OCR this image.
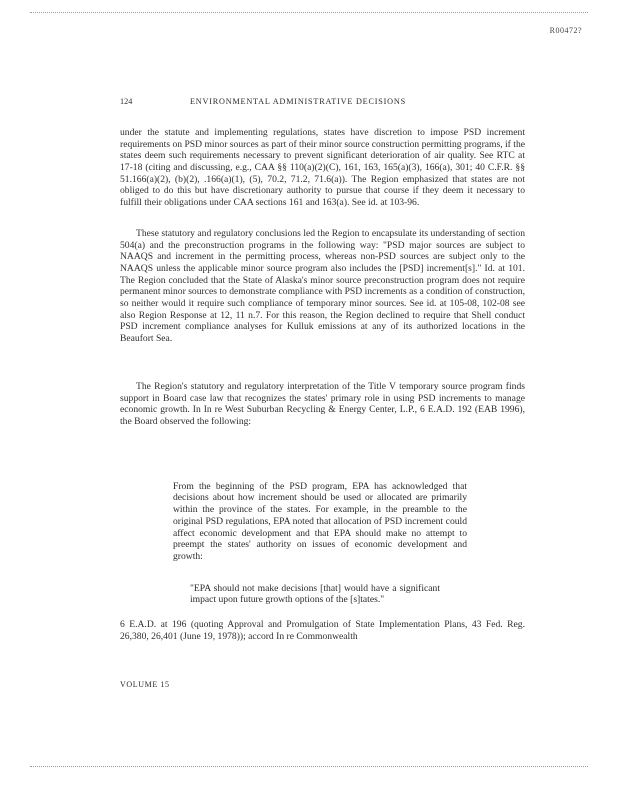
R00472?
124	ENVIRONMENTAL ADMINISTRATIVE DECISIONS

under the statute and implementing regulations, states have discretion to impose PSD increment requirements on PSD minor sources as part of their minor source construction permitting programs, if the states deem such requirements necessary to prevent significant deterioration of air quality. See RTC at 17-18 (citing and discussing, e.g., CAA §§ 110(a)(2)(C), 161, 163, 165(a)(3), 166(a), 301; 40 C.F.R. §§ 51.166(a)(2), (b)(2), .166(a)(1), (5), 70.2, 71.2, 71.6(a)). The Region emphasized that states are not obliged to do this but have discretionary authority to pursue that course if they deem it necessary to fulfill their obligations under CAA sections 161 and 163(a). See id. at 103-96.

These statutory and regulatory conclusions led the Region to encapsulate its understanding of section 504(a) and the preconstruction programs in the following way: "PSD major sources are subject to NAAQS and increment in the permitting process, whereas non-PSD sources are subject only to the NAAQS unless the applicable minor source program also includes the [PSD] increment[s]." Id. at 101. The Region concluded that the State of Alaska's minor source preconstruction program does not require permanent minor sources to demonstrate compliance with PSD increments as a condition of construction, so neither would it require such compliance of temporary minor sources. See id. at 105-08, 102-08 see also Region Response at 12, 11 n.7. For this reason, the Region declined to require that Shell conduct PSD increment compliance analyses for Kulluk emissions at any of its authorized locations in the Beaufort Sea.

The Region's statutory and regulatory interpretation of the Title V temporary source program finds support in Board case law that recognizes the states' primary role in using PSD increments to manage economic growth. In In re West Suburban Recycling & Energy Center, L.P., 6 E.A.D. 192 (EAB 1996), the Board observed the following:

From the beginning of the PSD program, EPA has acknowledged that decisions about how increment should be used or allocated are primarily within the province of the states. For example, in the preamble to the original PSD regulations, EPA noted that allocation of PSD increment could affect economic development and that EPA should make no attempt to preempt the states' authority on issues of economic development and growth:

"EPA should not make decisions [that] would have a significant impact upon future growth options of the [s]tates."

6 E.A.D. at 196 (quoting Approval and Promulgation of State Implementation Plans, 43 Fed. Reg. 26,380, 26,401 (June 19, 1978)); accord In re Commonwealth

VOLUME 15
